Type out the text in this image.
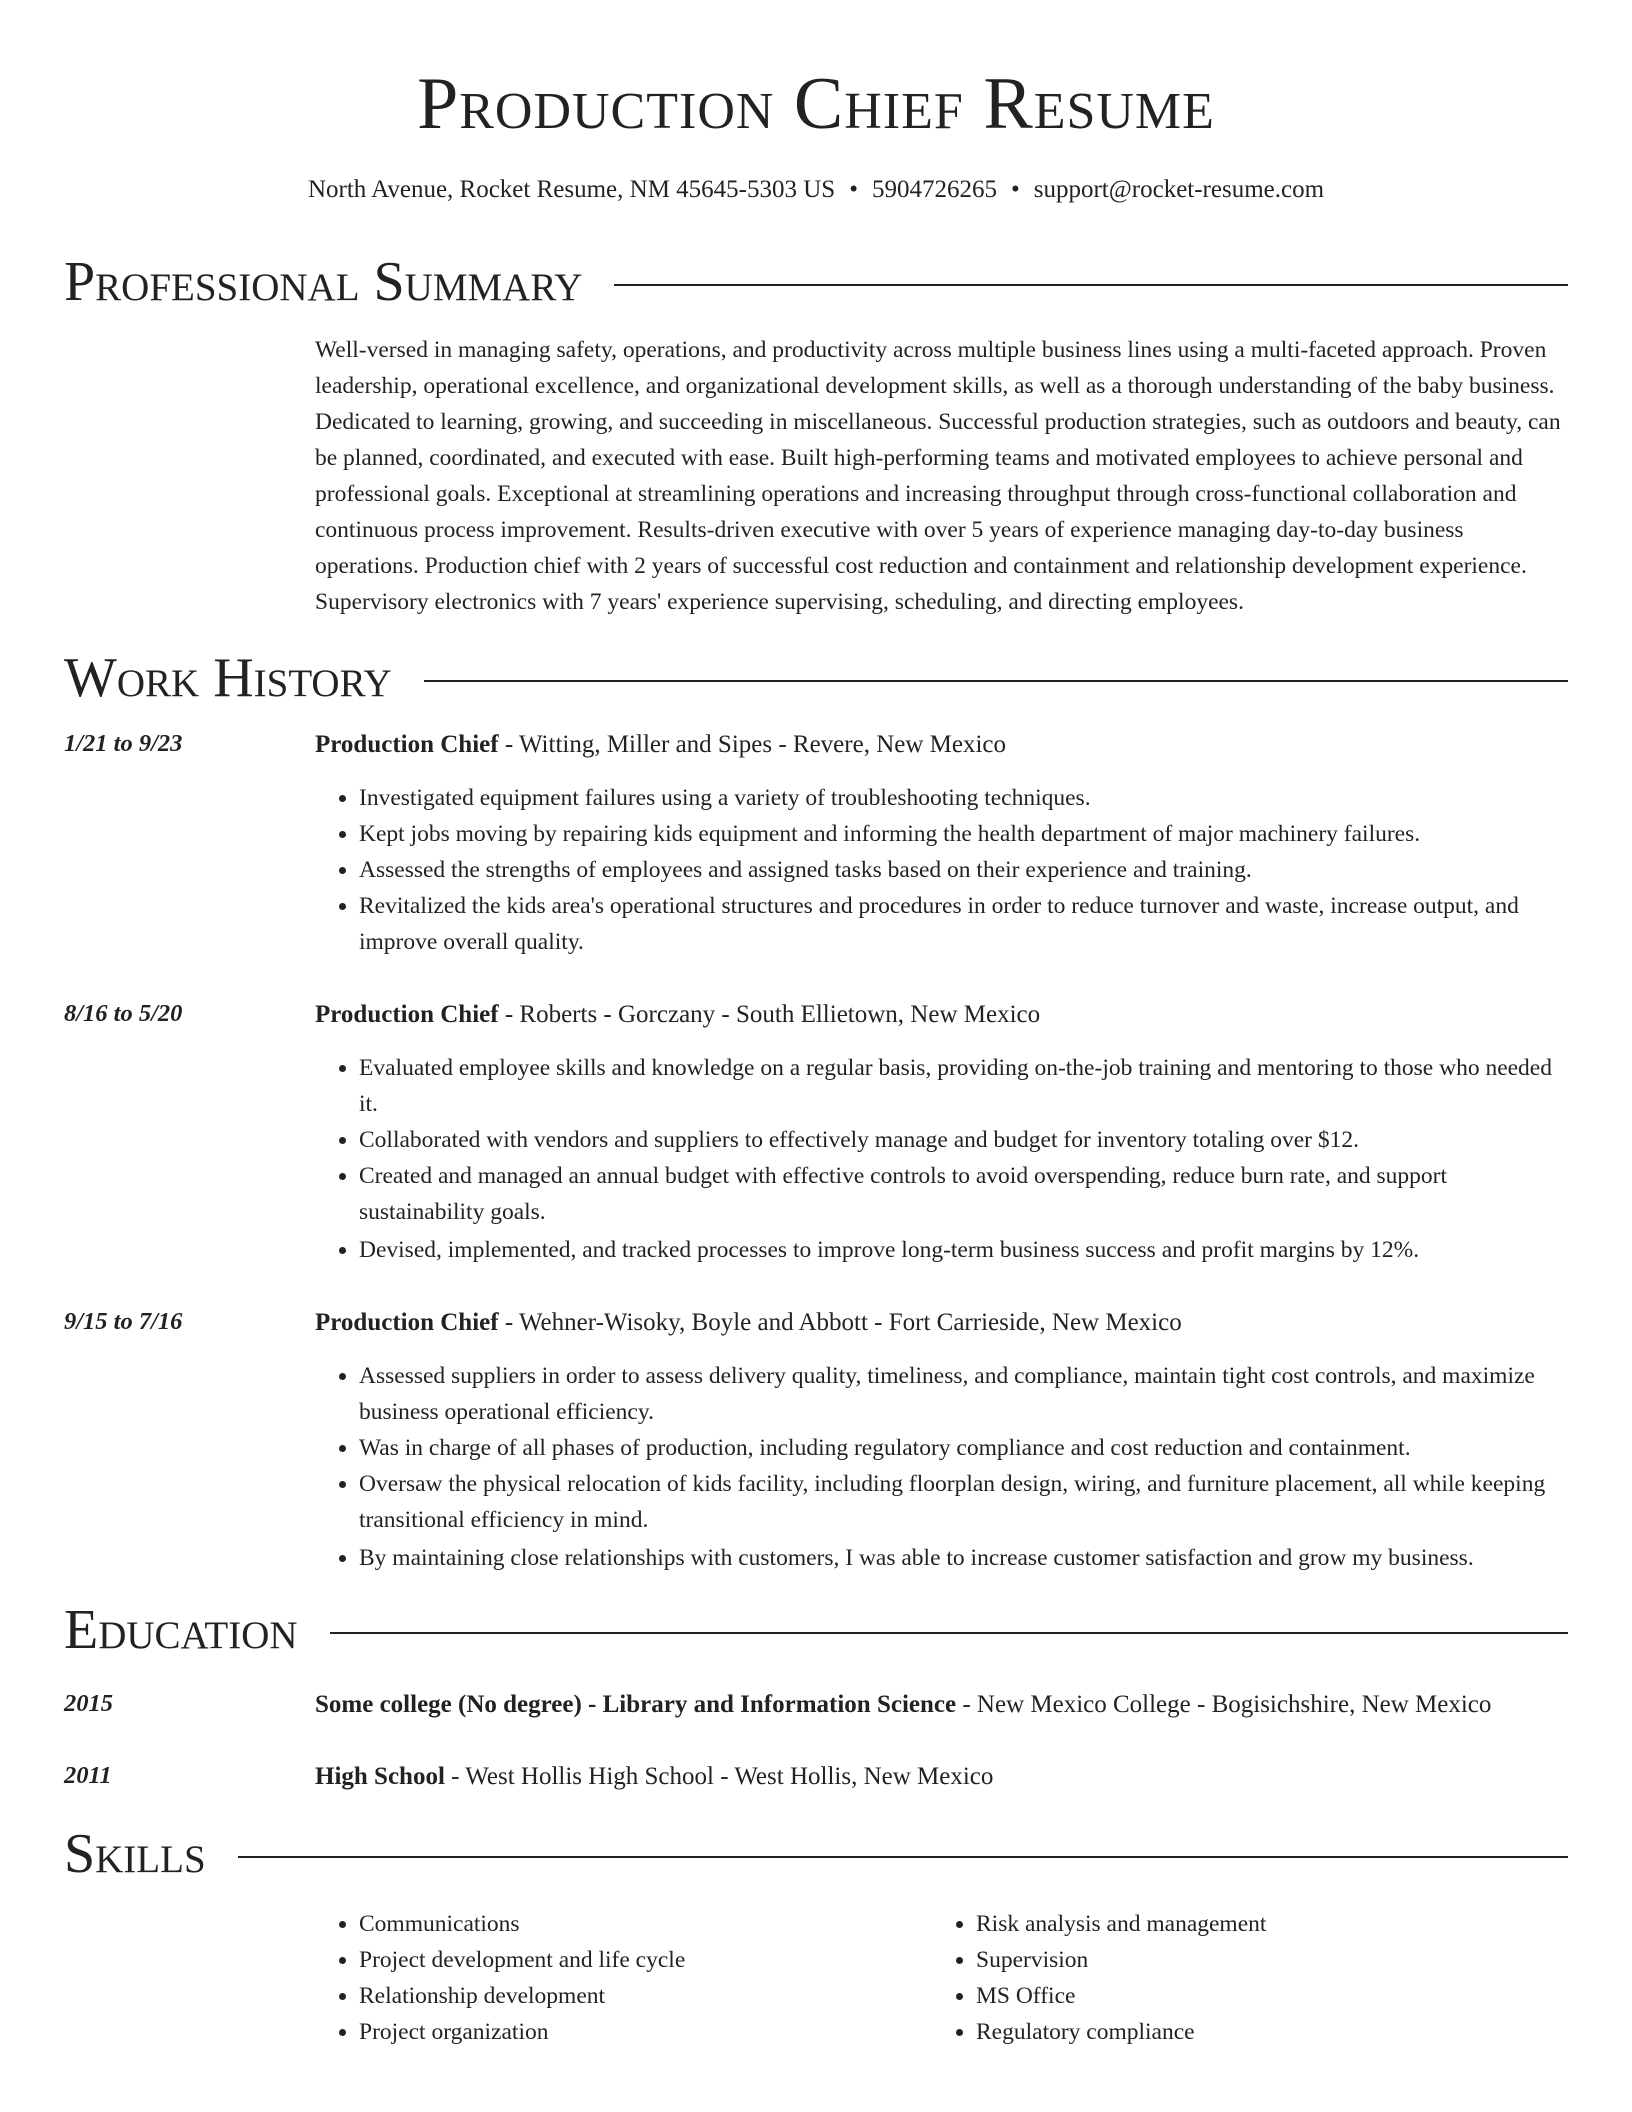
Production Chief Resume
North Avenue, Rocket Resume, NM 45645-5303 US • 5904726265 • support@rocket-resume.com
Professional Summary
Well-versed in managing safety, operations, and productivity across multiple business lines using a multi-faceted approach. Proven leadership, operational excellence, and organizational development skills, as well as a thorough understanding of the baby business. Dedicated to learning, growing, and succeeding in miscellaneous. Successful production strategies, such as outdoors and beauty, can be planned, coordinated, and executed with ease. Built high-performing teams and motivated employees to achieve personal and professional goals. Exceptional at streamlining operations and increasing throughput through cross-functional collaboration and continuous process improvement. Results-driven executive with over 5 years of experience managing day-to-day business operations. Production chief with 2 years of successful cost reduction and containment and relationship development experience. Supervisory electronics with 7 years' experience supervising, scheduling, and directing employees.
Work History
1/21 to 9/23	Production Chief - Witting, Miller and Sipes - Revere, New Mexico
• Investigated equipment failures using a variety of troubleshooting techniques.
• Kept jobs moving by repairing kids equipment and informing the health department of major machinery failures.
• Assessed the strengths of employees and assigned tasks based on their experience and training.
• Revitalized the kids area's operational structures and procedures in order to reduce turnover and waste, increase output, and improve overall quality.
8/16 to 5/20	Production Chief - Roberts - Gorczany - South Ellietown, New Mexico
• Evaluated employee skills and knowledge on a regular basis, providing on-the-job training and mentoring to those who needed it.
• Collaborated with vendors and suppliers to effectively manage and budget for inventory totaling over $12.
• Created and managed an annual budget with effective controls to avoid overspending, reduce burn rate, and support sustainability goals.
• Devised, implemented, and tracked processes to improve long-term business success and profit margins by 12%.
9/15 to 7/16	Production Chief - Wehner-Wisoky, Boyle and Abbott - Fort Carrieside, New Mexico
• Assessed suppliers in order to assess delivery quality, timeliness, and compliance, maintain tight cost controls, and maximize business operational efficiency.
• Was in charge of all phases of production, including regulatory compliance and cost reduction and containment.
• Oversaw the physical relocation of kids facility, including floorplan design, wiring, and furniture placement, all while keeping transitional efficiency in mind.
• By maintaining close relationships with customers, I was able to increase customer satisfaction and grow my business.
Education
2015	Some college (No degree) - Library and Information Science - New Mexico College - Bogisichshire, New Mexico
2011	High School - West Hollis High School - West Hollis, New Mexico
Skills
• Communications
• Project development and life cycle
• Relationship development
• Project organization
• Risk analysis and management
• Supervision
• MS Office
• Regulatory compliance
